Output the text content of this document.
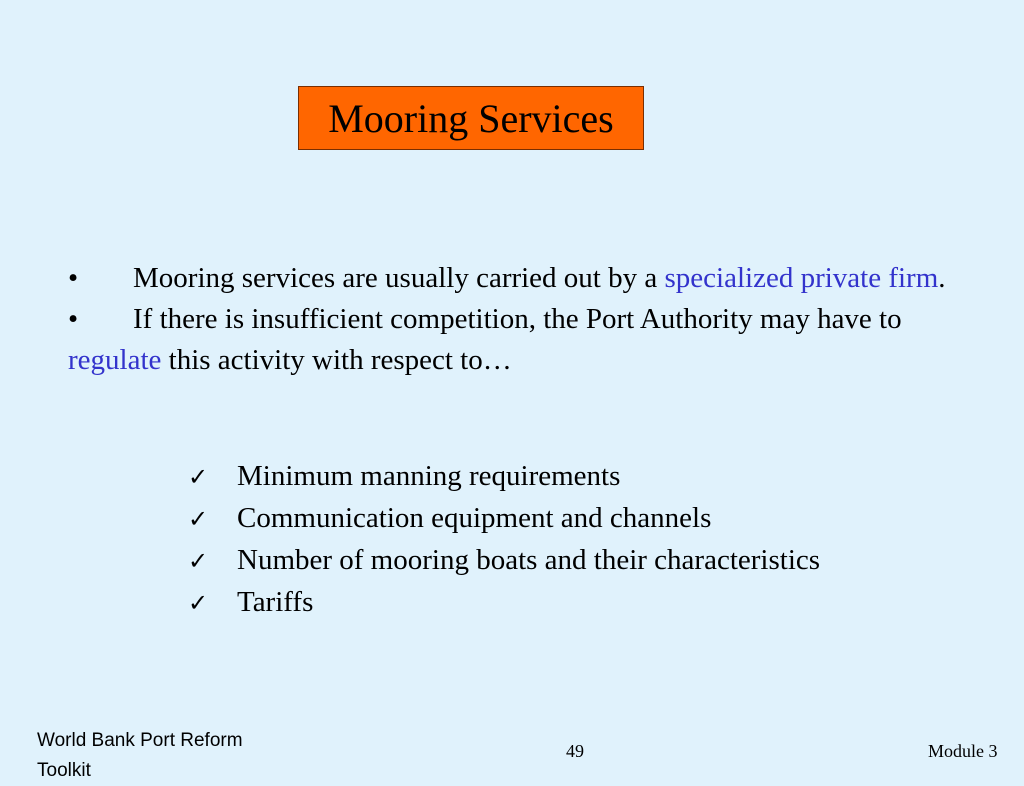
Mooring Services

• Mooring services are usually carried out by a specialized private firm.

• If there is insufficient competition, the Port Authority may have to regulate this activity with respect to…

✓ Minimum manning requirements
✓ Communication equipment and channels
✓ Number of mooring boats and their characteristics
✓ Tariffs
World Bank Port Reform Toolkit
49	Module 3
